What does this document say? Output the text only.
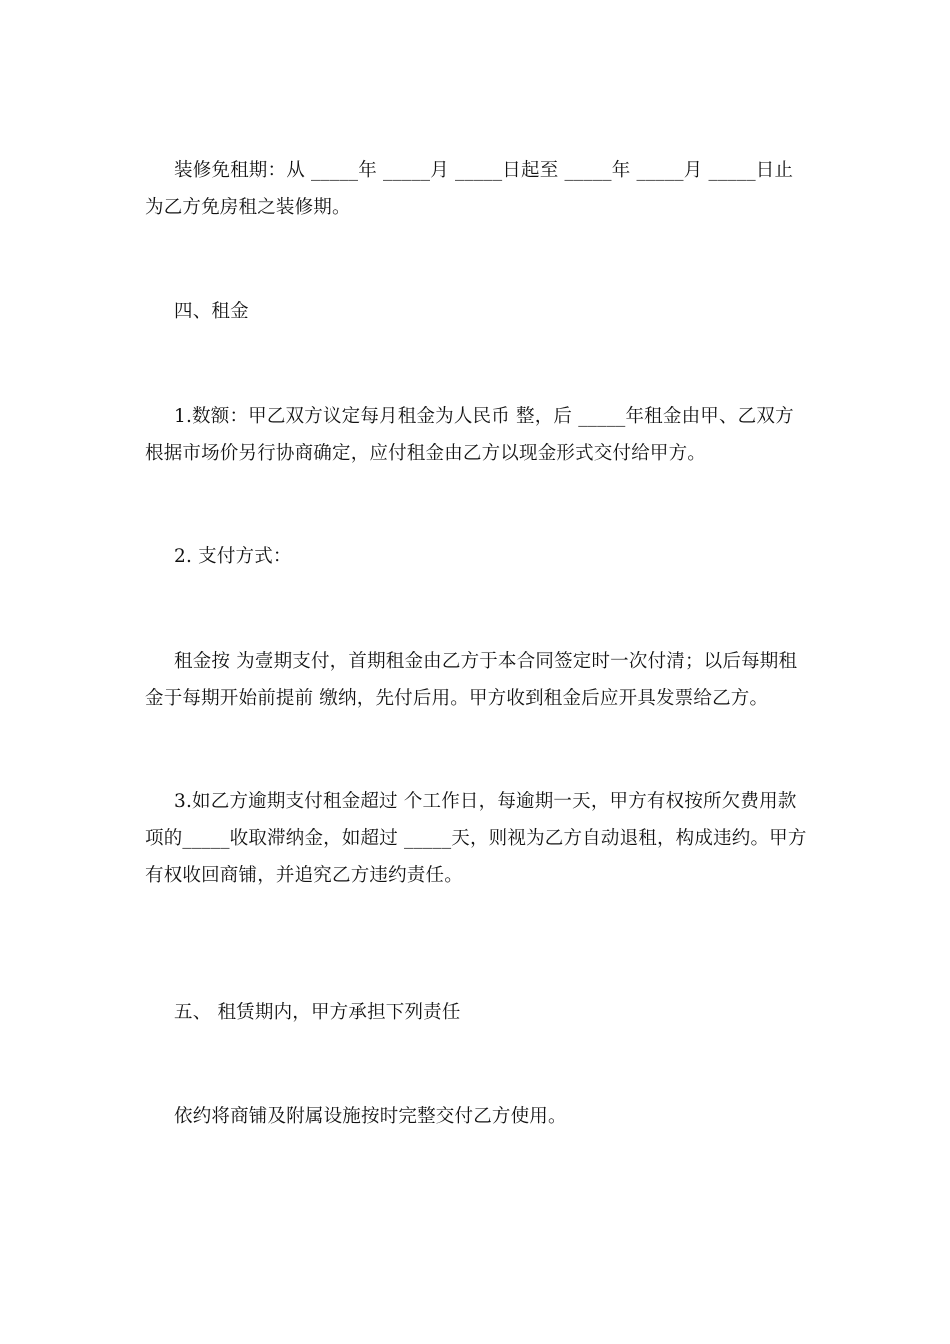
装修免租期：从 _____年 _____月 _____日起至 _____年 _____月 _____日止为乙方免房租之装修期。

四、租金

1.数额：甲乙双方议定每月租金为人民币 整，后 _____年租金由甲、乙双方根据市场价另行协商确定，应付租金由乙方以现金形式交付给甲方。

2. 支付方式：

租金按 为壹期支付，首期租金由乙方于本合同签定时一次付清；以后每期租金于每期开始前提前 缴纳，先付后用。甲方收到租金后应开具发票给乙方。

3.如乙方逾期支付租金超过 个工作日，每逾期一天，甲方有权按所欠费用款项的_____收取滞纳金，如超过 _____天，则视为乙方自动退租，构成违约。甲方有权收回商铺，并追究乙方违约责任。

五、 租赁期内，甲方承担下列责任

依约将商铺及附属设施按时完整交付乙方使用。
